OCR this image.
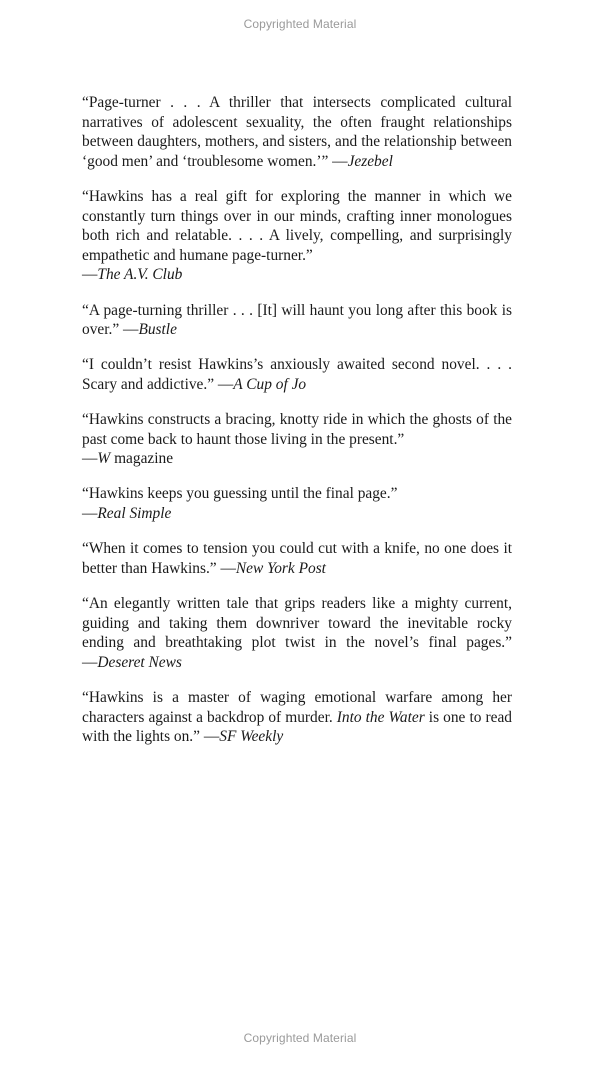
Copyrighted Material

“Page-turner . . . A thriller that intersects complicated cultural narratives of adolescent sexuality, the often fraught relationships between daughters, mothers, and sisters, and the relationship between ‘good men’ and ‘troublesome women.’” —Jezebel

“Hawkins has a real gift for exploring the manner in which we constantly turn things over in our minds, crafting inner monologues both rich and relatable. . . . A lively, compelling, and surprisingly empathetic and humane page-turner.”
—The A.V. Club

“A page-turning thriller . . . [It] will haunt you long after this book is over.” —Bustle

“I couldn’t resist Hawkins’s anxiously awaited second novel. . . . Scary and addictive.” —A Cup of Jo

“Hawkins constructs a bracing, knotty ride in which the ghosts of the past come back to haunt those living in the present.”
—W magazine

“Hawkins keeps you guessing until the final page.”
—Real Simple

“When it comes to tension you could cut with a knife, no one does it better than Hawkins.” —New York Post

“An elegantly written tale that grips readers like a mighty current, guiding and taking them downriver toward the inevitable rocky ending and breathtaking plot twist in the novel’s final pages.” —Deseret News

“Hawkins is a master of waging emotional warfare among her characters against a backdrop of murder. Into the Water is one to read with the lights on.” —SF Weekly

Copyrighted Material
